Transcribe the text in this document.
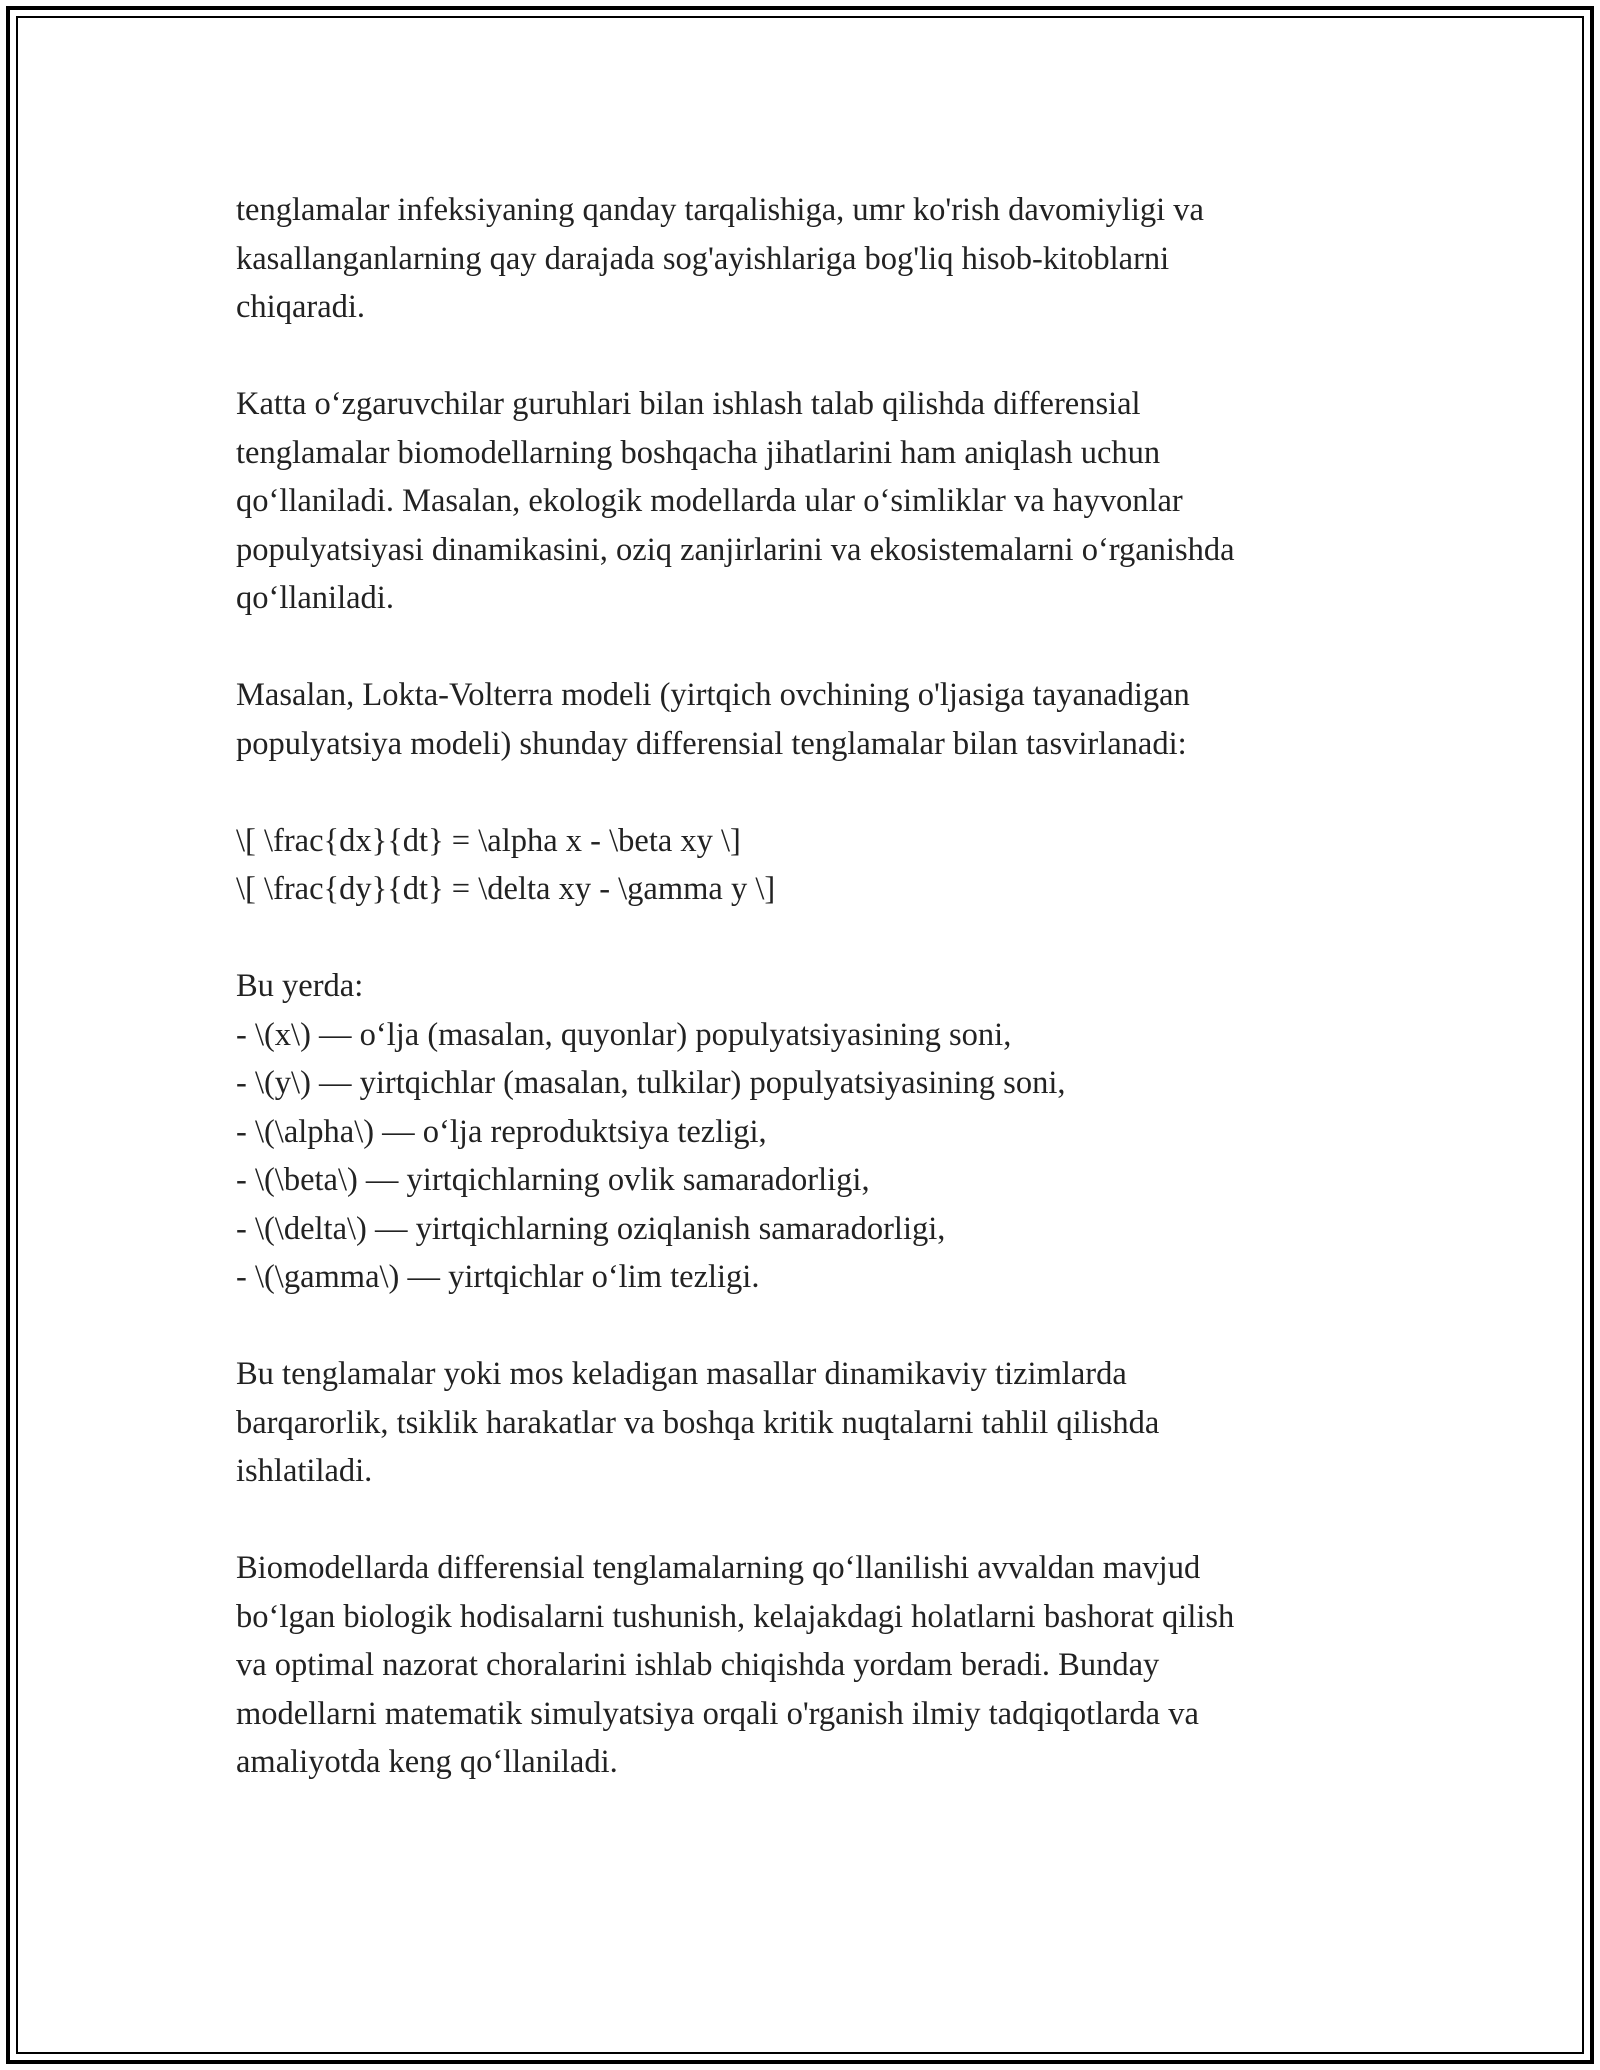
tenglamalar infeksiyaning qanday tarqalishiga, umr ko'rish davomiyligi va
kasallanganlarning qay darajada sog'ayishlariga bog'liq hisob-kitoblarni
chiqaradi.
Katta o‘zgaruvchilar guruhlari bilan ishlash talab qilishda differensial
tenglamalar biomodellarning boshqacha jihatlarini ham aniqlash uchun
qo‘llaniladi. Masalan, ekologik modellarda ular o‘simliklar va hayvonlar
populyatsiyasi dinamikasini, oziq zanjirlarini va ekosistemalarni o‘rganishda
qo‘llaniladi.
Masalan, Lokta-Volterra modeli (yirtqich ovchining o'ljasiga tayanadigan
populyatsiya modeli) shunday differensial tenglamalar bilan tasvirlanadi:
\[ \frac{dx}{dt} = \alpha x - \beta xy \]
\[ \frac{dy}{dt} = \delta xy - \gamma y \]
Bu yerda:
- \(x\) — o‘lja (masalan, quyonlar) populyatsiyasining soni,
- \(y\) — yirtqichlar (masalan, tulkilar) populyatsiyasining soni,
- \(\alpha\) — o‘lja reproduktsiya tezligi,
- \(\beta\) — yirtqichlarning ovlik samaradorligi,
- \(\delta\) — yirtqichlarning oziqlanish samaradorligi,
- \(\gamma\) — yirtqichlar o‘lim tezligi.
Bu tenglamalar yoki mos keladigan masallar dinamikaviy tizimlarda
barqarorlik, tsiklik harakatlar va boshqa kritik nuqtalarni tahlil qilishda
ishlatiladi.
Biomodellarda differensial tenglamalarning qo‘llanilishi avvaldan mavjud
bo‘lgan biologik hodisalarni tushunish, kelajakdagi holatlarni bashorat qilish
va optimal nazorat choralarini ishlab chiqishda yordam beradi. Bunday
modellarni matematik simulyatsiya orqali o'rganish ilmiy tadqiqotlarda va
amaliyotda keng qo‘llaniladi.
